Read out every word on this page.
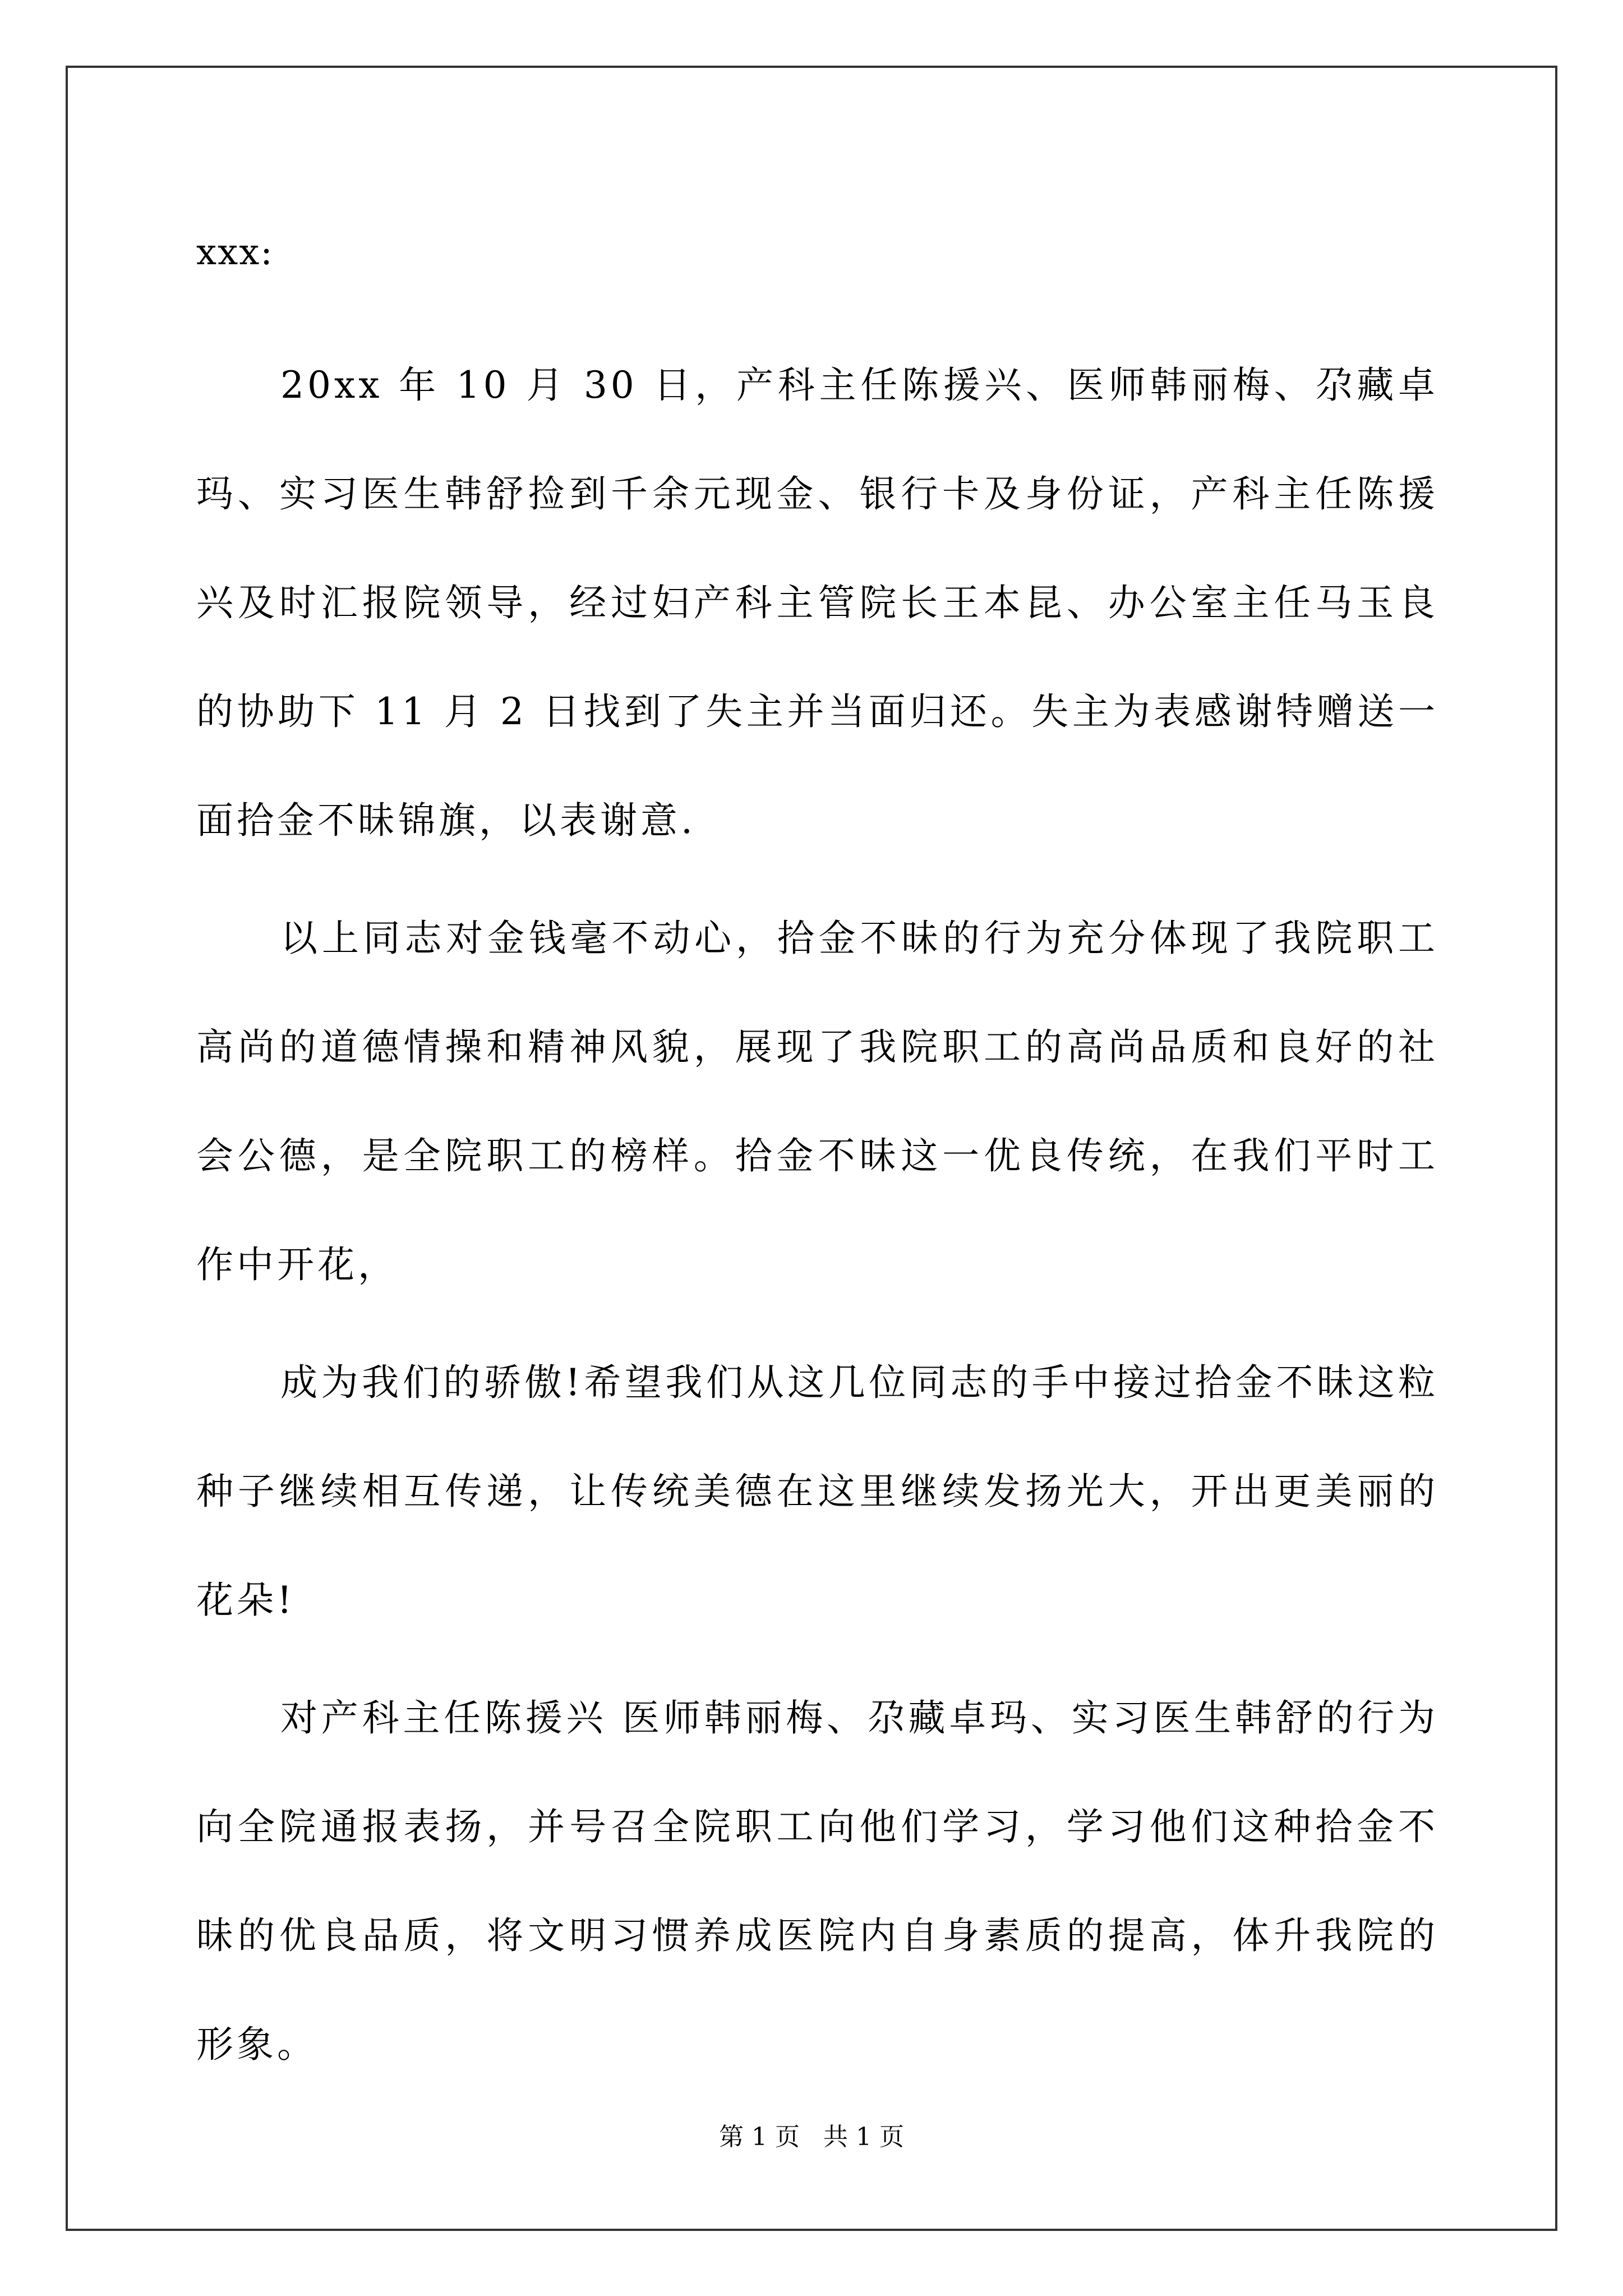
xxx:

20xx 年 10 月 30 日，产科主任陈援兴、医师韩丽梅、尕藏卓玛、实习医生韩舒捡到千余元现金、银行卡及身份证，产科主任陈援兴及时汇报院领导，经过妇产科主管院长王本昆、办公室主任马玉良的协助下 11 月 2 日找到了失主并当面归还。失主为表感谢特赠送一面拾金不昧锦旗，以表谢意.

以上同志对金钱毫不动心，拾金不昧的行为充分体现了我院职工高尚的道德情操和精神风貌，展现了我院职工的高尚品质和良好的社会公德，是全院职工的榜样。拾金不昧这一优良传统，在我们平时工作中开花，

成为我们的骄傲!希望我们从这几位同志的手中接过拾金不昧这粒种子继续相互传递，让传统美德在这里继续发扬光大，开出更美丽的花朵!

对产科主任陈援兴 医师韩丽梅、尕藏卓玛、实习医生韩舒的行为向全院通报表扬，并号召全院职工向他们学习，学习他们这种拾金不昧的优良品质，将文明习惯养成医院内自身素质的提高，体升我院的形象。

第 1 页   共 1 页
